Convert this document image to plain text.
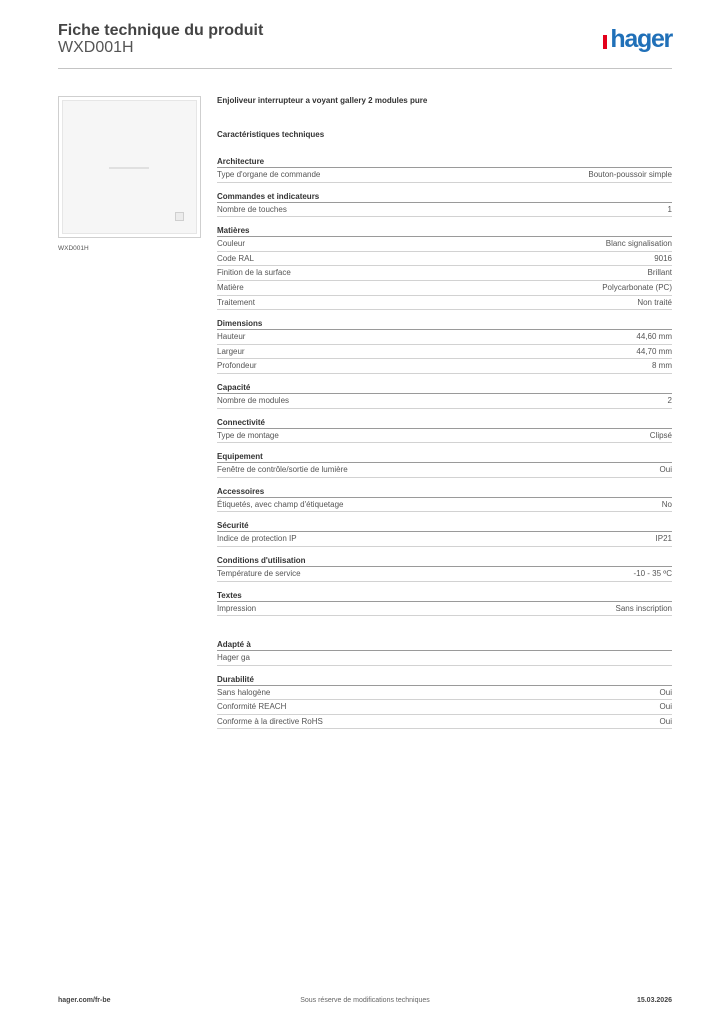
Fiche technique du produit
WXD001H	hager
WXD001H
Enjoliveur interrupteur a voyant gallery 2 modules pure
Caractéristiques techniques
Architecture
Type d'organe de commande	Bouton-poussoir simple
Commandes et indicateurs
Nombre de touches	1
Matières
Couleur	Blanc signalisation
Code RAL	9016
Finition de la surface	Brillant
Matière	Polycarbonate (PC)
Traitement	Non traité
Dimensions
Hauteur	44,60 mm
Largeur	44,70 mm
Profondeur	8 mm
Capacité
Nombre de modules	2
Connectivité
Type de montage	Clipsé
Equipement
Fenêtre de contrôle/sortie de lumière	Oui
Accessoires
Étiquetés, avec champ d'étiquetage	No
Sécurité
Indice de protection IP	IP21
Conditions d'utilisation
Température de service	-10 - 35 ºC
Textes
Impression	Sans inscription
Adapté à
Hager ga
Durabilité
Sans halogène	Oui
Conformité REACH	Oui
Conforme à la directive RoHS	Oui
hager.com/fr-be	Sous réserve de modifications techniques	15.03.2026
